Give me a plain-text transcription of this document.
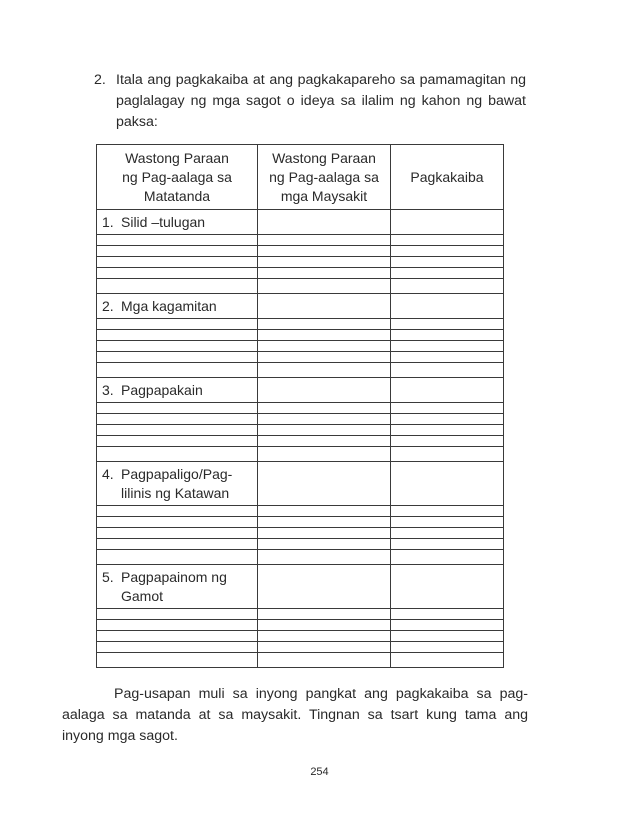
2. Itala ang pagkakaiba at ang pagkakapareho sa pamamagitan ng paglalagay ng mga sagot o ideya sa ilalim ng kahon ng bawat paksa:
Wastong Paraan
ng Pag-aalaga sa
Matatanda	Wastong Paraan
ng Pag-aalaga sa
mga Maysakit	Pagkakaiba

1. Silid –tulugan		

2. Mga kagamitan		

3. Pagpapakain		

4. Pagpapaligo/Pag-
lilinis ng Katawan		

5. Pagpapainom ng
Gamot		

Pag-usapan muli sa inyong pangkat ang pagkakaiba sa pag-aalaga sa matanda at sa maysakit. Tingnan sa tsart kung tama ang inyong mga sagot.
254
